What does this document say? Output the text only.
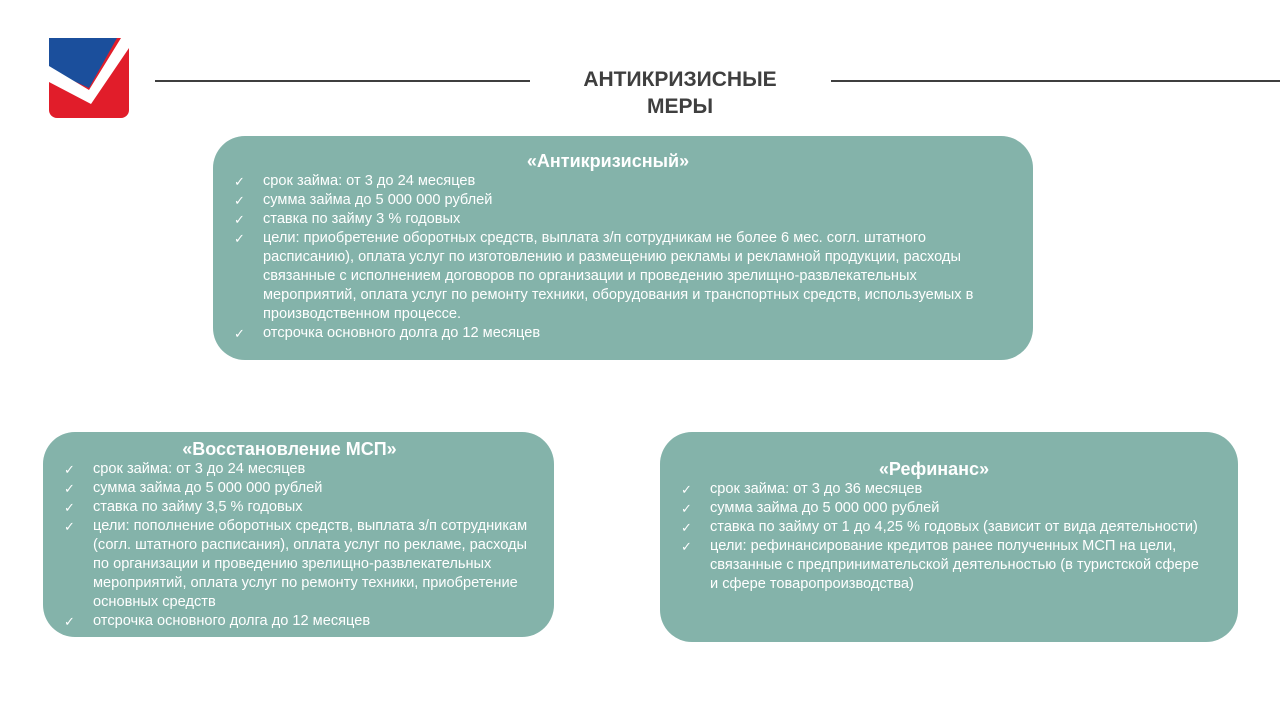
АНТИКРИЗИСНЫЕ
МЕРЫ
«Антикризисный»
✓ срок займа: от 3 до 24 месяцев
✓ сумма займа до 5 000 000 рублей
✓ ставка по займу 3 % годовых
✓ цели: приобретение оборотных средств, выплата з/п сотрудникам не более 6 мес. согл. штатного расписанию), оплата услуг по изготовлению и размещению рекламы и рекламной продукции, расходы связанные с исполнением договоров по организации и проведению зрелищно-развлекательных мероприятий, оплата услуг по ремонту техники, оборудования и транспортных средств, используемых в производственном процессе.
✓ отсрочка основного долга до 12 месяцев
«Восстановление МСП»
✓ срок займа: от 3 до 24 месяцев
✓ сумма займа до 5 000 000 рублей
✓ ставка по займу 3,5 % годовых
✓ цели: пополнение оборотных средств, выплата з/п сотрудникам (согл. штатного расписания), оплата услуг по рекламе, расходы по организации и проведению зрелищно-развлекательных мероприятий, оплата услуг по ремонту техники, приобретение основных средств
✓ отсрочка основного долга до 12 месяцев
«Рефинанс»
✓ срок займа: от 3 до 36 месяцев
✓ сумма займа до 5 000 000 рублей
✓ ставка по займу от 1 до 4,25 % годовых (зависит от вида деятельности)
✓ цели: рефинансирование кредитов ранее полученных МСП на цели, связанные с предпринимательской деятельностью (в туристской сфере и сфере товаропроизводства)
